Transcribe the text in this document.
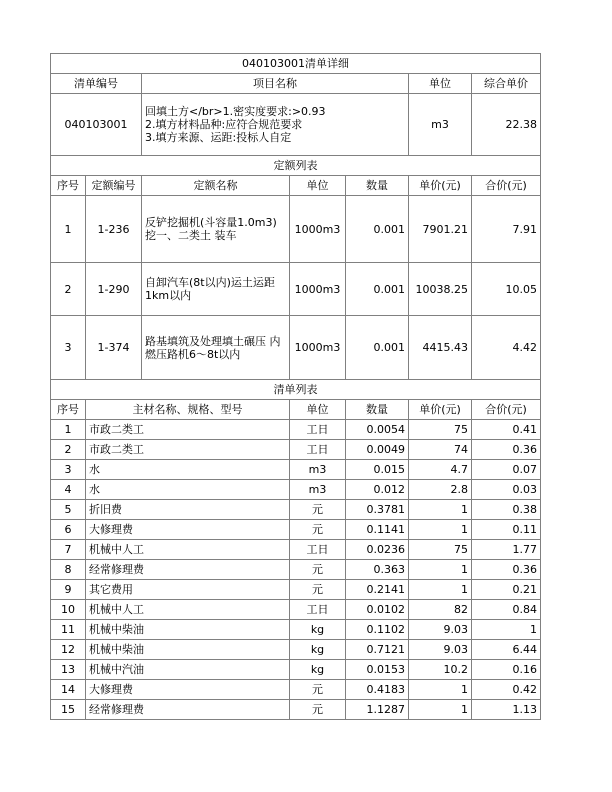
040103001清单详细						
清单编号		项目名称			单位	综合单价
040103001		回填土方</br>1.密实度要求:>0.93
2.填方材料品种:应符合规范要求
3.填方来源、运距:投标人自定			m3	22.38
定额列表						
序号	定额编号	定额名称	单位	数量	单价(元)	合价(元)
1	1-236	反铲挖掘机(斗容量1.0m3)挖一、二类土 装车	1000m3	0.001	7901.21	7.91
2	1-290	自卸汽车(8t以内)运土运距1km以内	1000m3	0.001	10038.25	10.05
3	1-374	路基填筑及处理填土碾压 内燃压路机6～8t以内	1000m3	0.001	4415.43	4.42
清单列表						
序号	主材名称、规格、型号		单位	数量	单价(元)	合价(元)
1	市政二类工		工日	0.0054	75	0.41
2	市政二类工		工日	0.0049	74	0.36
3	水		m3	0.015	4.7	0.07
4	水		m3	0.012	2.8	0.03
5	折旧费		元	0.3781	1	0.38
6	大修理费		元	0.1141	1	0.11
7	机械中人工		工日	0.0236	75	1.77
8	经常修理费		元	0.363	1	0.36
9	其它费用		元	0.2141	1	0.21
10	机械中人工		工日	0.0102	82	0.84
11	机械中柴油		kg	0.1102	9.03	1
12	机械中柴油		kg	0.7121	9.03	6.44
13	机械中汽油		kg	0.0153	10.2	0.16
14	大修理费		元	0.4183	1	0.42
15	经常修理费		元	1.1287	1	1.13
